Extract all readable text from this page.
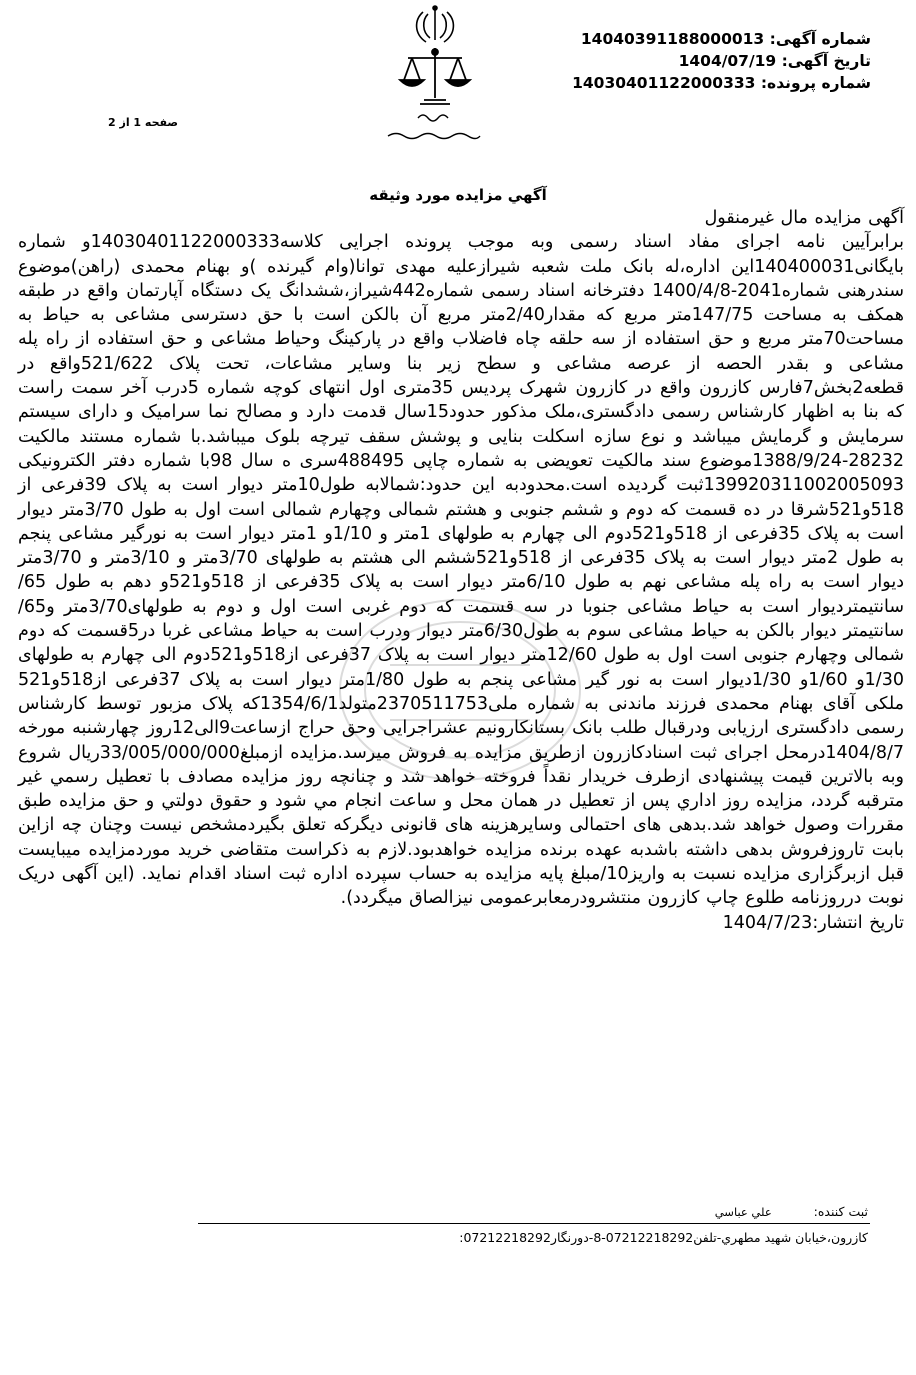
شماره آگهی: 14040391188000013
تاریخ آگهی: 1404/07/19
شماره پرونده: 14030401122000333
صفحه 1 از 2
آگهي مزايده مورد وثيقه
آگهی مزایده مال غیرمنقول
برابرآیین نامه اجرای مفاد اسناد رسمی وبه موجب پرونده اجرایی کلاسه14030401122000333و شماره بایگانی140400031این اداره،له بانک ملت شعبه شیرازعلیه مهدی توانا(وام گیرنده )و بهنام محمدی (راهن)موضوع سندرهنی شماره2041-1400/4/8 دفترخانه اسناد رسمی شماره442شیراز،ششدانگ یک دستگاه آپارتمان واقع در طبقه همکف به مساحت 147/75متر مربع که مقدار2/40متر مربع آن بالکن است با حق دسترسی مشاعی به حیاط به مساحت70متر مربع و حق استفاده از سه حلقه چاه فاضلاب واقع در پارکینگ وحیاط مشاعی و حق استفاده از راه پله مشاعی و بقدر الحصه از عرصه مشاعی و سطح زیر بنا وسایر مشاعات، تحت پلاک 521/622واقع در قطعه2بخش7فارس کازرون واقع در کازرون شهرک پردیس 35متری اول انتهای کوچه شماره 5درب آخر سمت راست که بنا به اظهار کارشناس رسمی دادگستری،ملک مذکور حدود15سال قدمت دارد و مصالح نما سرامیک و دارای سیستم سرمایش و گرمایش میباشد و نوع سازه اسکلت بنایی و پوشش سقف تیرچه بلوک میباشد.با شماره مستند مالکیت 28232-1388/9/24موضوع سند مالکیت تعویضی به شماره چاپی 488495سری ه سال 98با شماره دفتر الکترونیکی 139920311002005093ثبت گردیده است.محدودبه این حدود:شمالابه طول10متر دیوار است به پلاک 39فرعی از 518و521شرقا در ده قسمت که دوم و ششم جنوبی و هشتم شمالی وچهارم شمالی است اول به طول 3/70متر دیوار است به پلاک 35فرعی از 518و521دوم الی چهارم به طولهای 1متر و 1/10و 1متر دیوار است به نورگیر مشاعی پنجم به طول 2متر دیوار است به پلاک 35فرعی از 518و521ششم الی هشتم به طولهای 3/70متر و 3/10متر و 3/70متر دیوار است به راه پله مشاعی نهم به طول 6/10متر دیوار است به پلاک 35فرعی از 518و521و دهم به طول 65/سانتیمتردیوار است به حیاط مشاعی جنوبا در سه قسمت که دوم غربی است اول و دوم به طولهای3/70متر و65/سانتیمتر دیوار بالکن به حیاط مشاعی سوم به طول6/30متر دیوار ودرب است به حیاط مشاعی غربا در5قسمت که دوم شمالی وچهارم جنوبی است اول به طول 12/60متر دیوار است به پلاک 37فرعی از518و521دوم الی چهارم به طولهای 1/30و 1/60و 1/30دیوار است به نور گیر مشاعی پنجم به طول 1/80متر دیوار است به پلاک 37فرعی از518و521 ملکی آقای بهنام محمدی فرزند ماندنی به شماره ملی2370511753متولد1354/6/1که پلاک مزبور توسط کارشناس رسمی دادگستری ارزیابی ودرقبال طلب بانک بستانکارونیم عشراجرایی وحق حراج ازساعت9الی12روز چهارشنبه مورخه 1404/8/7درمحل اجرای ثبت اسنادکازرون ازطریق مزایده به فروش میرسد.مزایده ازمبلغ33/005/000/000ریال شروع وبه بالاترین قیمت پیشنهادی ازطرف خریدار نقداً فروخته خواهد شد و چنانچه روز مزايده مصادف با تعطيل رسمي غير مترقبه گردد، مزايده روز اداري پس از تعطيل در همان محل و ساعت انجام مي شود و حقوق دولتي و حق مزايده طبق مقررات وصول خواهد شد.بدهی های احتمالی وسایرهزینه های قانونی دیگرکه تعلق بگیردمشخص نیست وچنان چه ازاین بابت تاروزفروش بدهی داشته باشدبه عهده برنده مزایده خواهدبود.لازم به ذکراست متقاضی خرید موردمزایده میبایست قبل ازبرگزاری مزایده نسبت به واریز10/مبلغ پایه مزایده به حساب سپرده اداره ثبت اسناد اقدام نماید. (این آگهی دریک نوبت درروزنامه طلوع چاپ کازرون منتشرودرمعابرعمومی نیزالصاق میگردد).
تاریخ انتشار:1404/7/23
ثبت کننده: علي عباسي
کازرون،خيابان شهيد مطهري-تلفن07212218292-8-دورنگار07212218292:
